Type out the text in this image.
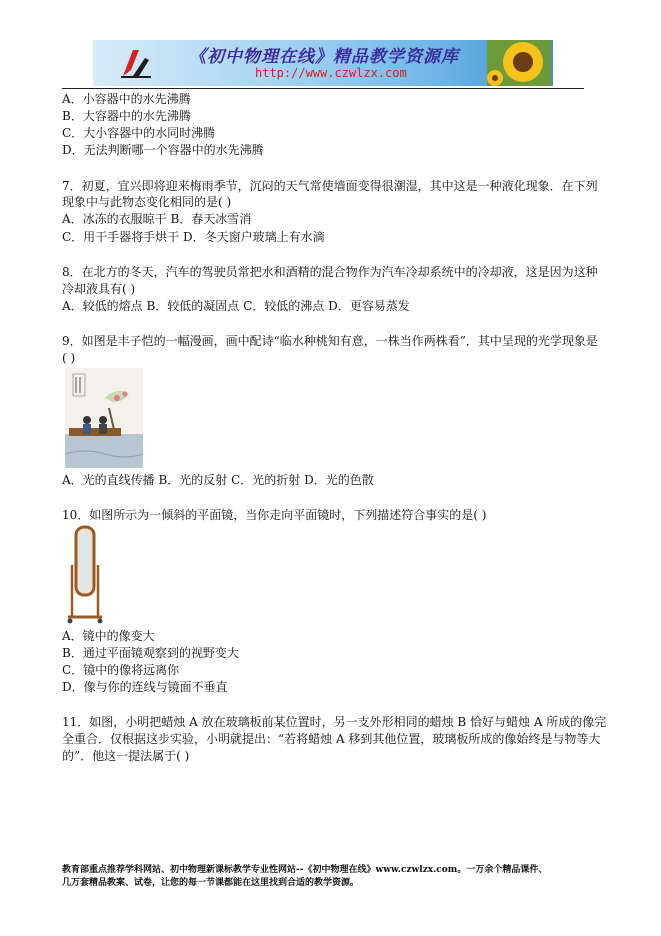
《初中物理在线》精品教学资源库
http://www.czwlzx.com
A．小容器中的水先沸腾
B．大容器中的水先沸腾
C．大小容器中的水同时沸腾
D．无法判断哪一个容器中的水先沸腾
7．初夏，宜兴即将迎来梅雨季节，沉闷的天气常使墙面变得很潮湿，其中这是一种液化现象．在下列
现象中与此物态变化相同的是( )
A．冰冻的衣服晾干 B．春天冰雪消
C．用干手器将手烘干 D．冬天窗户玻璃上有水滴
8．在北方的冬天，汽车的驾驶员常把水和酒精的混合物作为汽车冷却系统中的冷却液，这是因为这种
冷却液具有( )
A．较低的熔点 B．较低的凝固点 C．较低的沸点 D．更容易蒸发
9．如图是丰子恺的一幅漫画，画中配诗“临水种桃知有意，一株当作两株看”．其中呈现的光学现象是
( )
A．光的直线传播 B．光的反射 C．光的折射 D．光的色散
10．如图所示为一倾斜的平面镜，当你走向平面镜时，下列描述符合事实的是( )
A．镜中的像变大
B．通过平面镜观察到的视野变大
C．镜中的像将远离你
D．像与你的连线与镜面不垂直
11．如图，小明把蜡烛 A 放在玻璃板前某位置时，另一支外形相同的蜡烛 B 恰好与蜡烛 A 所成的像完
全重合．仅根据这步实验，小明就提出：“若将蜡烛 A 移到其他位置，玻璃板所成的像始终是与物等大
的”．他这一提法属于( )
教育部重点推荐学科网站、初中物理新课标教学专业性网站--《初中物理在线》www.czwlzx.com。一万余个精品课件、
几万套精品教案、试卷，让您的每一节课都能在这里找到合适的教学资源。
